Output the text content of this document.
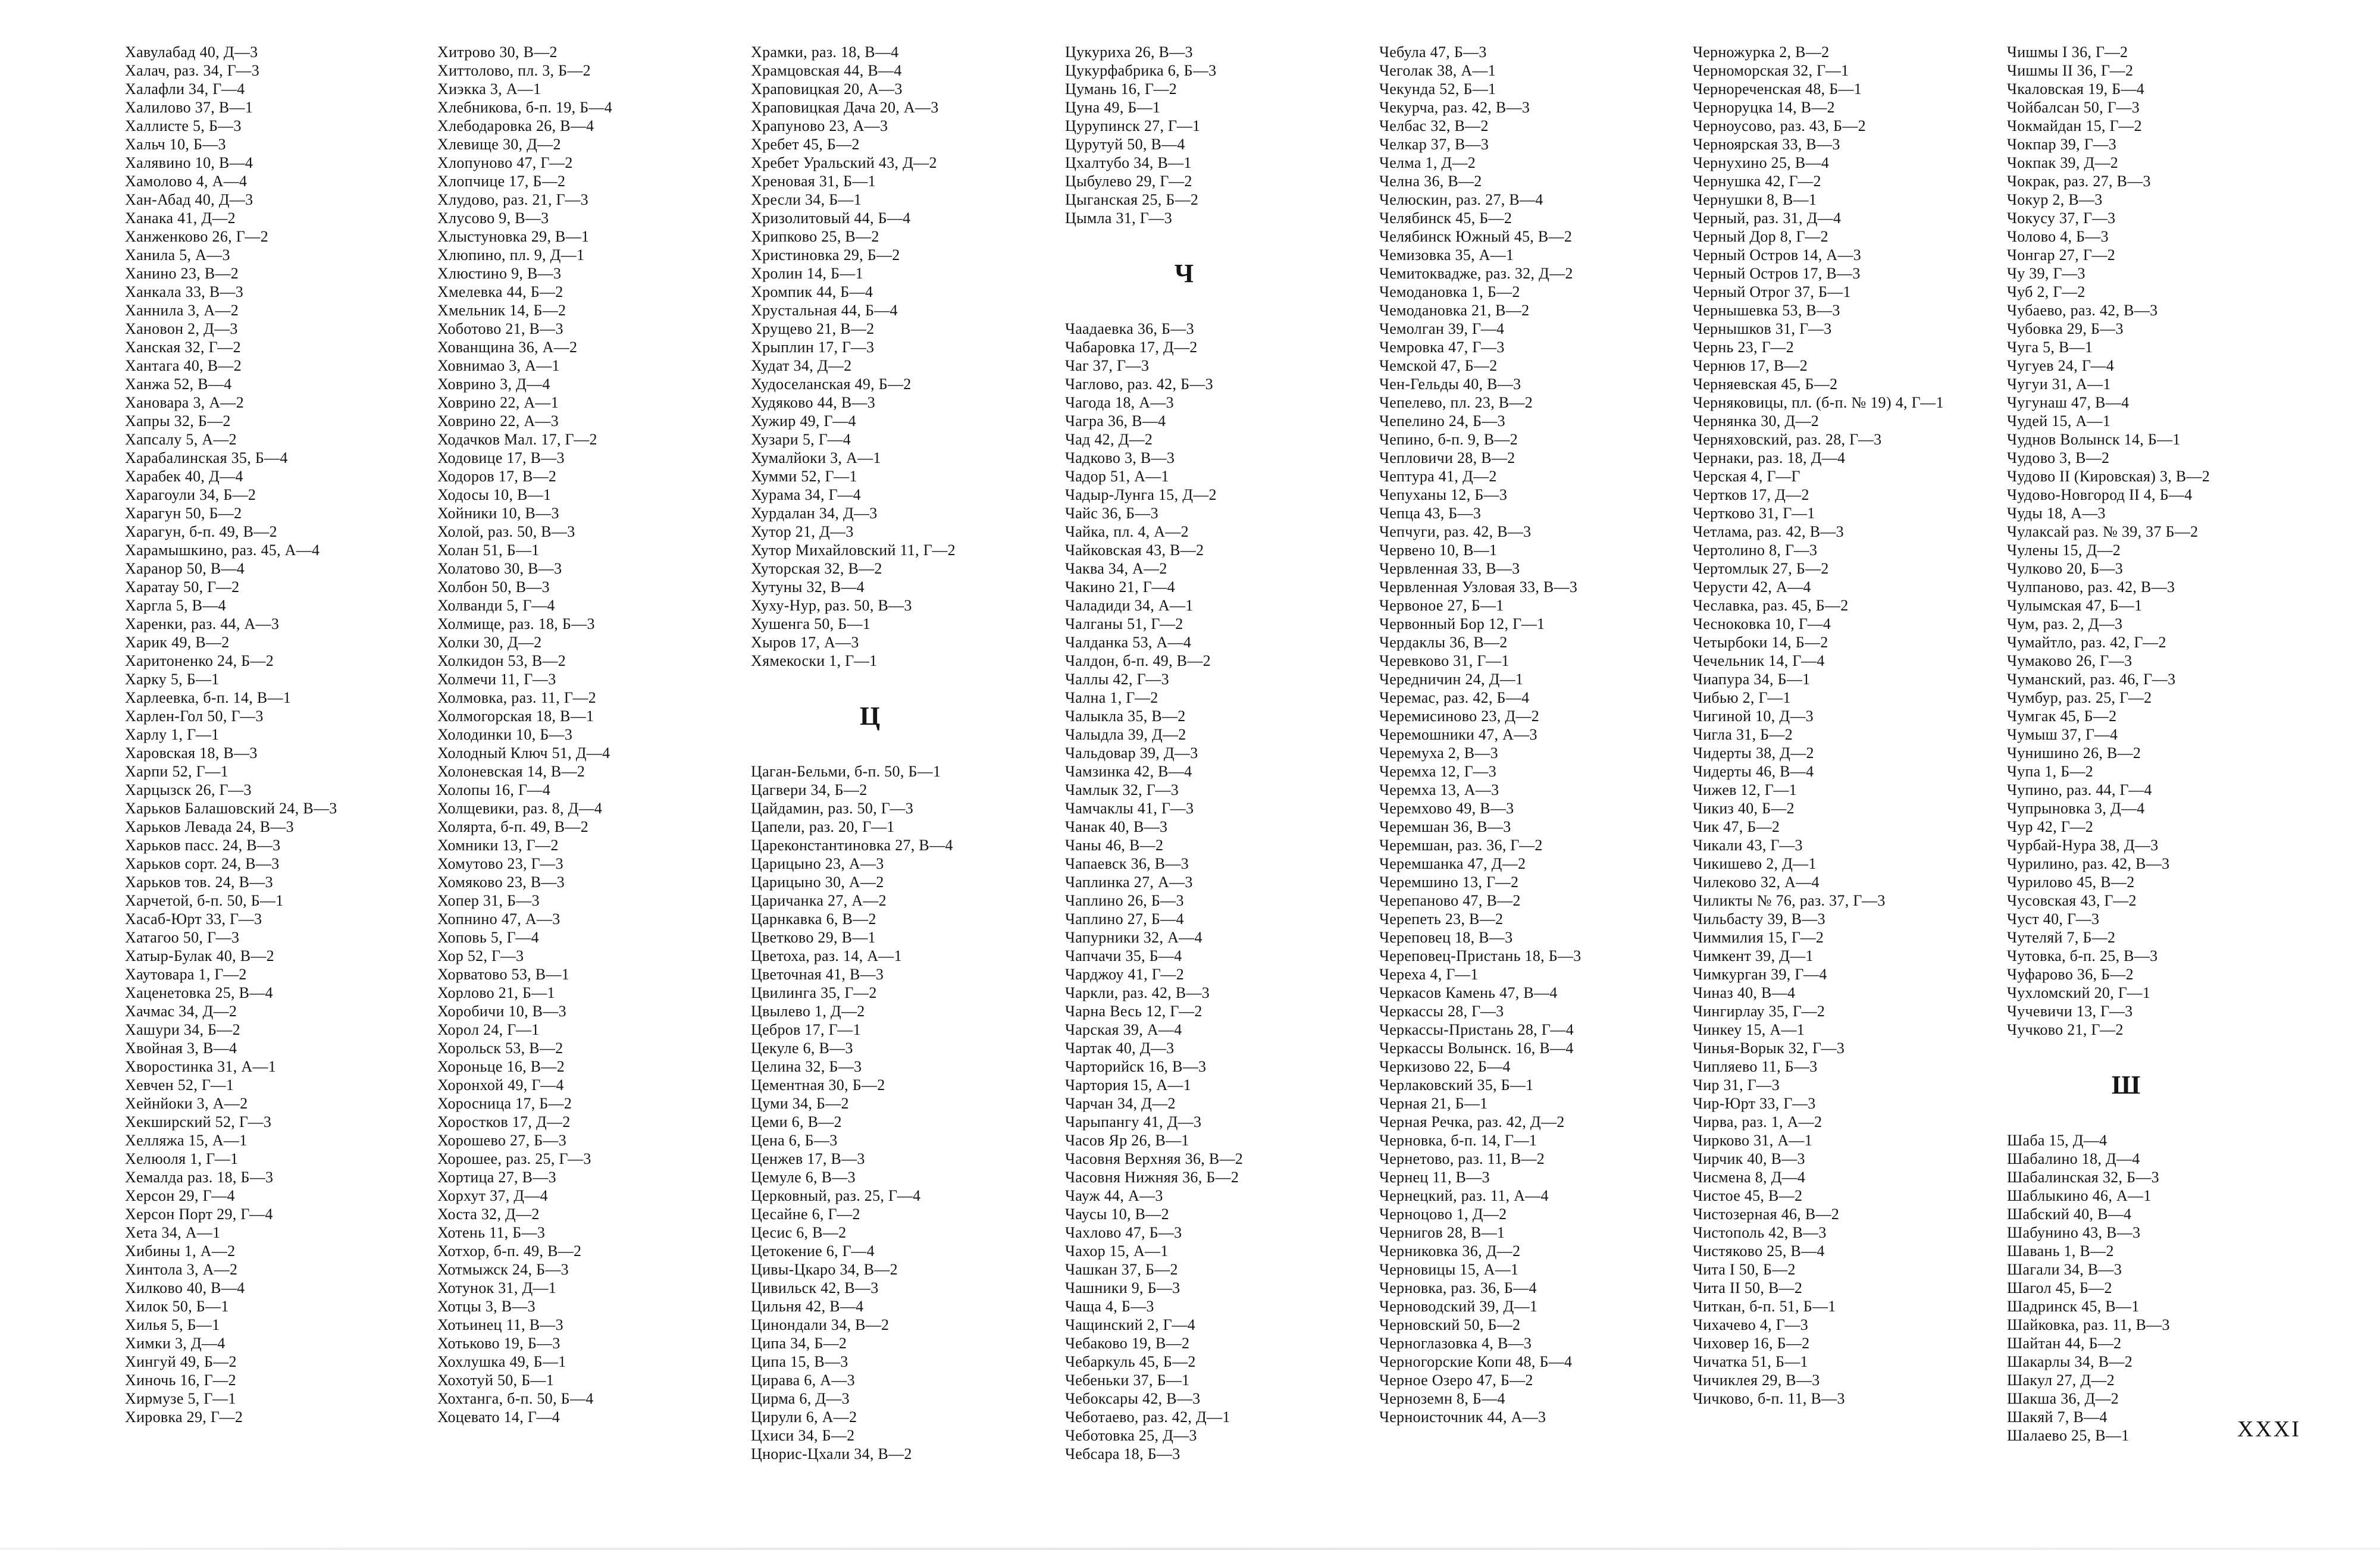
Хавулабад 40, Д—3
Халач, раз. 34, Г—3
Халафли 34, Г—4
Халилово 37, В—1
Халлисте 5, Б—3
Хальч 10, Б—3
Халявино 10, В—4
Хамолово 4, А—4
Хан-Абад 40, Д—3
Ханака 41, Д—2
Ханженково 26, Г—2
Ханила 5, А—3
Ханино 23, В—2
Ханкала 33, В—3
Ханнила 3, А—2
Хановон 2, Д—3
Ханская 32, Г—2
Хантага 40, В—2
Ханжа 52, В—4
Хановара 3, А—2
Хапры 32, Б—2
Хапсалу 5, А—2
Харабалинская 35, Б—4
Харабек 40, Д—4
Харагоули 34, Б—2
Харагун 50, Б—2
Харагун, б-п. 49, В—2
Харамышкино, раз. 45, А—4
Харанор 50, В—4
Харатау 50, Г—2
Харгла 5, В—4
Харенки, раз. 44, А—3
Харик 49, В—2
Харитоненко 24, Б—2
Харку 5, Б—1
Харлеевка, б-п. 14, В—1
Харлен-Гол 50, Г—3
Харлу 1, Г—1
Харовская 18, В—3
Харпи 52, Г—1
Харцызск 26, Г—3
Харьков Балашовский 24, В—3
Харьков Левада 24, В—3
Харьков пасс. 24, В—3
Харьков сорт. 24, В—3
Харьков тов. 24, В—3
Харчетой, б-п. 50, Б—1
Хасаб-Юрт 33, Г—3
Хатагоо 50, Г—3
Хатыр-Булак 40, В—2
Хаутовара 1, Г—2
Хаценетовка 25, В—4
Хачмас 34, Д—2
Хашури 34, Б—2
Хвойная 3, В—4
Хворостинка 31, А—1
Хевчен 52, Г—1
Хейнйоки 3, А—2
Хекширский 52, Г—3
Хелляжа 15, А—1
Хелюоля 1, Г—1
Хемалда раз. 18, Б—3
Херсон 29, Г—4
Херсон Порт 29, Г—4
Хета 34, А—1
Хибины 1, А—2
Хинтола 3, А—2
Хилково 40, В—4
Хилок 50, Б—1
Хилья 5, Б—1
Химки 3, Д—4
Хингуй 49, Б—2
Хиночь 16, Г—2
Хирмузе 5, Г—1
Хировка 29, Г—2
Хитрово 30, В—2
Хиттолово, пл. 3, Б—2
Хиэкка 3, А—1
Хлебникова, б-п. 19, Б—4
Хлебодаровка 26, В—4
Хлевище 30, Д—2
Хлопуново 47, Г—2
Хлопчице 17, Б—2
Хлудово, раз. 21, Г—3
Хлусово 9, В—3
Хлыстуновка 29, В—1
Хлюпино, пл. 9, Д—1
Хлюстино 9, В—3
Хмелевка 44, Б—2
Хмельник 14, Б—2
Хоботово 21, В—3
Хованщина 36, А—2
Ховнимао 3, А—1
Ховрино 3, Д—4
Ховрино 22, А—1
Ховрино 22, А—3
Ходачков Мал. 17, Г—2
Ходовице 17, В—3
Ходоров 17, В—2
Ходосы 10, В—1
Хойники 10, В—3
Холой, раз. 50, В—3
Холан 51, Б—1
Холатово 30, В—3
Холбон 50, В—3
Холванди 5, Г—4
Холмище, раз. 18, Б—3
Холки 30, Д—2
Холкидон 53, В—2
Холмечи 11, Г—3
Холмовка, раз. 11, Г—2
Холмогорская 18, В—1
Холодинки 10, Б—3
Холодный Ключ 51, Д—4
Холоневская 14, В—2
Холопы 16, Г—4
Холщевики, раз. 8, Д—4
Холярта, б-п. 49, В—2
Хомники 13, Г—2
Хомутово 23, Г—3
Хомяково 23, В—3
Хопер 31, Б—3
Хопнино 47, А—3
Хоповь 5, Г—4
Хор 52, Г—3
Хорватово 53, В—1
Хорлово 21, Б—1
Хоробичи 10, В—3
Хорол 24, Г—1
Хорольск 53, В—2
Хороньце 16, В—2
Хоронхой 49, Г—4
Хоросница 17, Б—2
Хоростков 17, Д—2
Хорошево 27, Б—3
Хорошее, раз. 25, Г—3
Хортица 27, В—3
Хорхут 37, Д—4
Хоста 32, Д—2
Хотень 11, Б—3
Хотхор, б-п. 49, В—2
Хотмыжск 24, Б—3
Хотунок 31, Д—1
Хотцы 3, В—3
Хотьинец 11, В—3
Хотьково 19, Б—3
Хохлушка 49, Б—1
Хохотуй 50, Б—1
Хохтанга, б-п. 50, Б—4
Хоцевато 14, Г—4
Храмки, раз. 18, В—4
Храмцовская 44, В—4
Храповицкая 20, А—3
Храповицкая Дача 20, А—3
Храпуново 23, А—3
Хребет 45, Б—2
Хребет Уральский 43, Д—2
Хреновая 31, Б—1
Хресли 34, Б—1
Хризолитовый 44, Б—4
Хрипково 25, В—2
Христиновка 29, Б—2
Хролин 14, Б—1
Хромпик 44, Б—4
Хрустальная 44, Б—4
Хрущево 21, В—2
Хрыплин 17, Г—3
Худат 34, Д—2
Худоселанская 49, Б—2
Худяково 44, В—3
Хужир 49, Г—4
Хузари 5, Г—4
Хумалйоки 3, А—1
Хумми 52, Г—1
Хурама 34, Г—4
Хурдалан 34, Д—3
Хутор 21, Д—3
Хутор Михайловский 11, Г—2
Хуторская 32, В—2
Хутуны 32, В—4
Хуху-Нур, раз. 50, В—3
Хушенга 50, Б—1
Хыров 17, А—3
Хямекоски 1, Г—1
Ц
Цаган-Бельми, б-п. 50, Б—1
Цагвери 34, Б—2
Цайдамин, раз. 50, Г—3
Цапели, раз. 20, Г—1
Цареконстантиновка 27, В—4
Царицыно 23, А—3
Царицыно 30, А—2
Царичанка 27, А—2
Царнкавка 6, В—2
Цветково 29, В—1
Цветоха, раз. 14, А—1
Цветочная 41, В—3
Цвилинга 35, Г—2
Цвылево 1, Д—2
Цебров 17, Г—1
Цекуле 6, В—3
Целина 32, Б—3
Цементная 30, Б—2
Цуми 34, Б—2
Цеми 6, В—2
Цена 6, Б—3
Ценжев 17, В—3
Цемуле 6, В—3
Церковный, раз. 25, Г—4
Цесайне 6, Г—2
Цесис 6, В—2
Цетокение 6, Г—4
Цивы-Цкаро 34, В—2
Цивильск 42, В—3
Цильня 42, В—4
Цинондали 34, В—2
Ципа 34, Б—2
Ципа 15, В—3
Цирава 6, А—3
Цирма 6, Д—3
Цирули 6, А—2
Цхиси 34, Б—2
Цнорис-Цхали 34, В—2
Цукуриха 26, В—3
Цукурфабрика 6, Б—3
Цумань 16, Г—2
Цуна 49, Б—1
Цурупинск 27, Г—1
Цурутуй 50, В—4
Цхалтубо 34, В—1
Цыбулево 29, Г—2
Цыганская 25, Б—2
Цымла 31, Г—3
Ч
Чаадаевка 36, Б—3
Чабаровка 17, Д—2
Чаг 37, Г—3
Чаглово, раз. 42, Б—3
Чагода 18, А—3
Чагра 36, В—4
Чад 42, Д—2
Чадково 3, В—3
Чадор 51, А—1
Чадыр-Лунга 15, Д—2
Чайс 36, Б—3
Чайка, пл. 4, А—2
Чайковская 43, В—2
Чаква 34, А—2
Чакино 21, Г—4
Чаладиди 34, А—1
Чалганы 51, Г—2
Чалданка 53, А—4
Чалдон, б-п. 49, В—2
Чаллы 42, Г—3
Чална 1, Г—2
Чалыкла 35, В—2
Чалыдла 39, Д—2
Чальдовар 39, Д—3
Чамзинка 42, В—4
Чамлык 32, Г—3
Чамчаклы 41, Г—3
Чанак 40, В—3
Чаны 46, В—2
Чапаевск 36, В—3
Чаплинка 27, А—3
Чаплино 26, Б—3
Чаплино 27, Б—4
Чапурники 32, А—4
Чапчачи 35, Б—4
Чарджоу 41, Г—2
Чаркли, раз. 42, В—3
Чарна Весь 12, Г—2
Чарская 39, А—4
Чартак 40, Д—3
Чарторийск 16, В—3
Чартория 15, А—1
Чарчан 34, Д—2
Чарыпангу 41, Д—3
Часов Яр 26, В—1
Часовня Верхняя 36, В—2
Часовня Нижняя 36, Б—2
Чауж 44, А—3
Чаусы 10, В—2
Чахлово 47, Б—3
Чахор 15, А—1
Чашкан 37, Б—2
Чашники 9, Б—3
Чаща 4, Б—3
Чащинский 2, Г—4
Чебаково 19, В—2
Чебаркуль 45, Б—2
Чебеньки 37, Б—1
Чебоксары 42, В—3
Чеботаево, раз. 42, Д—1
Чеботовка 25, Д—3
Чебсара 18, Б—3
Чебула 47, Б—3
Чеголак 38, А—1
Чекунда 52, Б—1
Чекурча, раз. 42, В—3
Челбас 32, В—2
Челкар 37, В—3
Челма 1, Д—2
Челна 36, В—2
Челюскин, раз. 27, В—4
Челябинск 45, Б—2
Челябинск Южный 45, В—2
Чемизовка 35, А—1
Чемитоквадже, раз. 32, Д—2
Чемодановка 1, Б—2
Чемодановка 21, В—2
Чемолган 39, Г—4
Чемровка 47, Г—3
Чемской 47, Б—2
Чен-Гельды 40, В—3
Чепелево, пл. 23, В—2
Чепелино 24, Б—3
Чепино, б-п. 9, В—2
Чепловичи 28, В—2
Чептура 41, Д—2
Чепуханы 12, Б—3
Чепца 43, Б—3
Чепчуги, раз. 42, В—3
Червено 10, В—1
Червленная 33, В—3
Червленная Узловая 33, В—3
Червоное 27, Б—1
Червонный Бор 12, Г—1
Чердаклы 36, В—2
Черевково 31, Г—1
Чередничин 24, Д—1
Черемас, раз. 42, Б—4
Черемисиново 23, Д—2
Черемошники 47, А—3
Черемуха 2, В—3
Черемха 12, Г—3
Черемха 13, А—3
Черемхово 49, В—3
Черемшан 36, В—3
Черемшан, раз. 36, Г—2
Черемшанка 47, Д—2
Черемшино 13, Г—2
Черепаново 47, В—2
Черепеть 23, В—2
Череповец 18, В—3
Череповец-Пристань 18, Б—3
Череха 4, Г—1
Черкасов Камень 47, В—4
Черкассы 28, Г—3
Черкассы-Пристань 28, Г—4
Черкассы Волынск. 16, В—4
Черкизово 22, Б—4
Черлаковский 35, Б—1
Черная 21, Б—1
Черная Речка, раз. 42, Д—2
Черновка, б-п. 14, Г—1
Чернетово, раз. 11, В—2
Чернец 11, В—3
Чернецкий, раз. 11, А—4
Черноцово 1, Д—2
Чернигов 28, В—1
Черниковка 36, Д—2
Черновицы 15, А—1
Черновка, раз. 36, Б—4
Черноводский 39, Д—1
Черновский 50, Б—2
Черноглазовка 4, В—3
Черногорские Копи 48, Б—4
Черное Озеро 47, Б—2
Черноземн 8, Б—4
Черноисточник 44, А—3
Черножурка 2, В—2
Черноморская 32, Г—1
Чернореченская 48, Б—1
Черноруцка 14, В—2
Черноусово, раз. 43, Б—2
Черноярская 33, В—3
Чернухино 25, В—4
Чернушка 42, Г—2
Чернушки 8, В—1
Черный, раз. 31, Д—4
Черный Дор 8, Г—2
Черный Остров 14, А—3
Черный Остров 17, В—3
Черный Отрог 37, Б—1
Чернышевка 53, В—3
Чернышков 31, Г—3
Чернь 23, Г—2
Чернюв 17, В—2
Черняевская 45, Б—2
Черняковицы, пл. (б-п. № 19) 4, Г—1
Чернянка 30, Д—2
Черняховский, раз. 28, Г—3
Чернаки, раз. 18, Д—4
Черская 4, Г—Г
Чертков 17, Д—2
Чертково 31, Г—1
Четлама, раз. 42, В—3
Чертолино 8, Г—3
Чертомлык 27, Б—2
Черусти 42, А—4
Чеславка, раз. 45, Б—2
Чесноковка 10, Г—4
Четырбоки 14, Б—2
Чечельник 14, Г—4
Чиапура 34, Б—1
Чибью 2, Г—1
Чигиной 10, Д—3
Чигла 31, Б—2
Чидерты 38, Д—2
Чидерты 46, В—4
Чижев 12, Г—1
Чикиз 40, Б—2
Чик 47, Б—2
Чикали 43, Г—3
Чикишево 2, Д—1
Чилеково 32, А—4
Чиликты № 76, раз. 37, Г—3
Чильбасту 39, В—3
Чиммилия 15, Г—2
Чимкент 39, Д—1
Чимкурган 39, Г—4
Чиназ 40, В—4
Чингирлау 35, Г—2
Чинкеу 15, А—1
Чинья-Ворык 32, Г—3
Чипляево 11, Б—3
Чир 31, Г—3
Чир-Юрт 33, Г—3
Чирва, раз. 1, А—2
Чирково 31, А—1
Чирчик 40, В—3
Чисмена 8, Д—4
Чистое 45, В—2
Чистозерная 46, В—2
Чистополь 42, В—3
Чистяково 25, В—4
Чита I 50, Б—2
Чита II 50, В—2
Читкан, б-п. 51, Б—1
Чихачево 4, Г—3
Чиховер 16, Б—2
Чичатка 51, Б—1
Чичиклея 29, В—3
Чичково, б-п. 11, В—3
Чишмы I 36, Г—2
Чишмы II 36, Г—2
Чкаловская 19, Б—4
Чойбалсан 50, Г—3
Чокмайдан 15, Г—2
Чокпар 39, Г—3
Чокпак 39, Д—2
Чокрак, раз. 27, В—3
Чокур 2, В—3
Чокусу 37, Г—3
Чолово 4, Б—3
Чонгар 27, Г—2
Чу 39, Г—3
Чуб 2, Г—2
Чубаево, раз. 42, В—3
Чубовка 29, Б—3
Чуга 5, В—1
Чугуев 24, Г—4
Чугуи 31, А—1
Чугунаш 47, В—4
Чудей 15, А—1
Чуднов Волынск 14, Б—1
Чудово 3, В—2
Чудово II (Кировская) 3, В—2
Чудово-Новгород II 4, Б—4
Чуды 18, А—3
Чулаксай раз. № 39, 37 Б—2
Чулены 15, Д—2
Чулково 20, Б—3
Чулпаново, раз. 42, В—3
Чулымская 47, Б—1
Чум, раз. 2, Д—3
Чумайтло, раз. 42, Г—2
Чумаково 26, Г—3
Чуманский, раз. 46, Г—3
Чумбур, раз. 25, Г—2
Чумгак 45, Б—2
Чумыш 37, Г—4
Чунишино 26, В—2
Чупа 1, Б—2
Чупино, раз. 44, Г—4
Чупрыновка 3, Д—4
Чур 42, Г—2
Чурбай-Нура 38, Д—3
Чурилино, раз. 42, В—3
Чурилово 45, В—2
Чусовская 43, Г—2
Чуст 40, Г—3
Чутеляй 7, Б—2
Чутовка, б-п. 25, В—3
Чуфарово 36, Б—2
Чухломский 20, Г—1
Чучевичи 13, Г—3
Чучково 21, Г—2
Ш
Шаба 15, Д—4
Шабалино 18, Д—4
Шабалинская 32, Б—3
Шаблыкино 46, А—1
Шабский 40, В—4
Шабунино 43, В—3
Шавань 1, В—2
Шагали 34, В—3
Шагол 45, Б—2
Шадринск 45, В—1
Шайковка, раз. 11, В—3
Шайтан 44, Б—2
Шакарлы 34, В—2
Шакул 27, Д—2
Шакша 36, Д—2
Шакяй 7, В—4
Шалаево 25, В—1	XXXI
